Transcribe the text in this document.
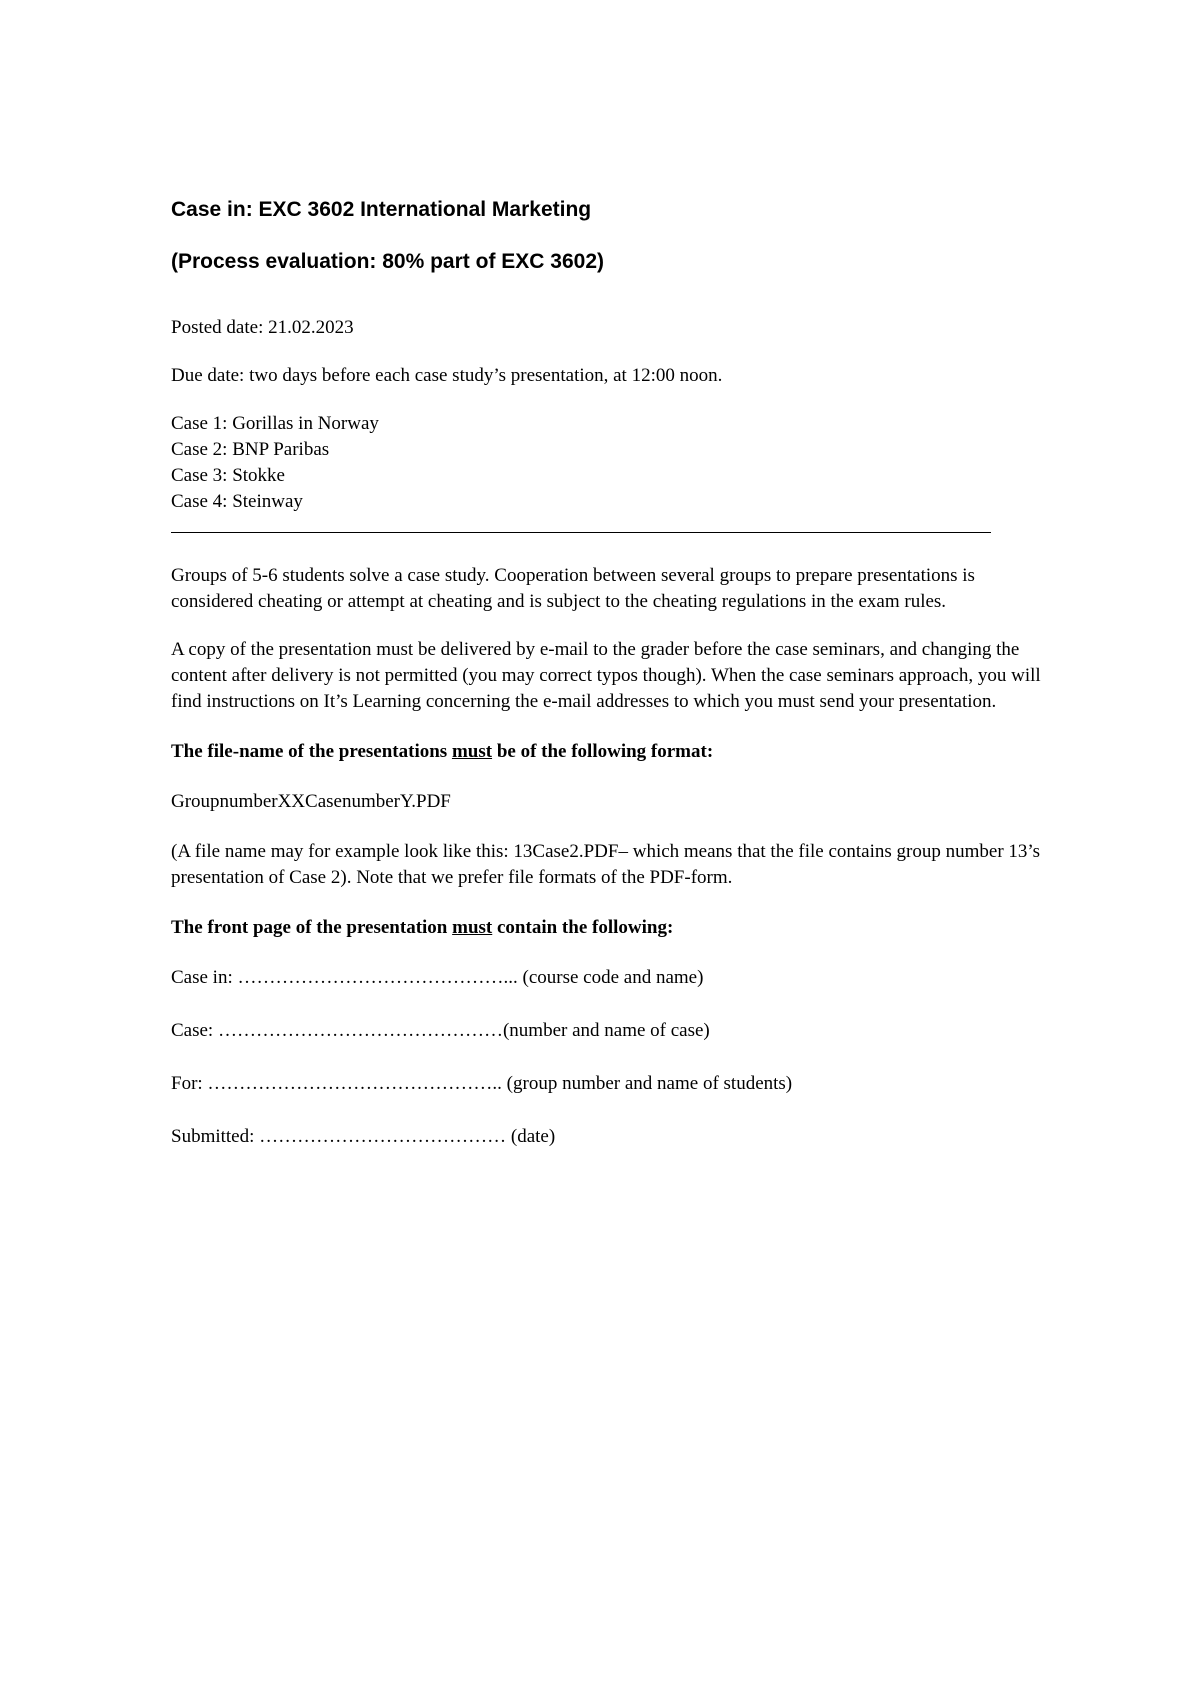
Case in: EXC 3602 International Marketing
(Process evaluation: 80% part of EXC 3602)

Posted date: 21.02.2023

Due date: two days before each case study’s presentation, at 12:00 noon.

Case 1: Gorillas in Norway
Case 2: BNP Paribas
Case 3: Stokke
Case 4: Steinway

Groups of 5-6 students solve a case study. Cooperation between several groups to prepare presentations is considered cheating or attempt at cheating and is subject to the cheating regulations in the exam rules.

A copy of the presentation must be delivered by e-mail to the grader before the case seminars, and changing the content after delivery is not permitted (you may correct typos though). When the case seminars approach, you will find instructions on It’s Learning concerning the e-mail addresses to which you must send your presentation.

The file-name of the presentations must be of the following format:

GroupnumberXXCasenumberY.PDF

(A file name may for example look like this: 13Case2.PDF– which means that the file contains group number 13’s presentation of Case 2). Note that we prefer file formats of the PDF-form.

The front page of the presentation must contain the following:

Case in: ……………………………………... (course code and name)

Case: ………………………………………(number and name of case)

For: ……………………………………….. (group number and name of students)

Submitted: ………………………………… (date)
